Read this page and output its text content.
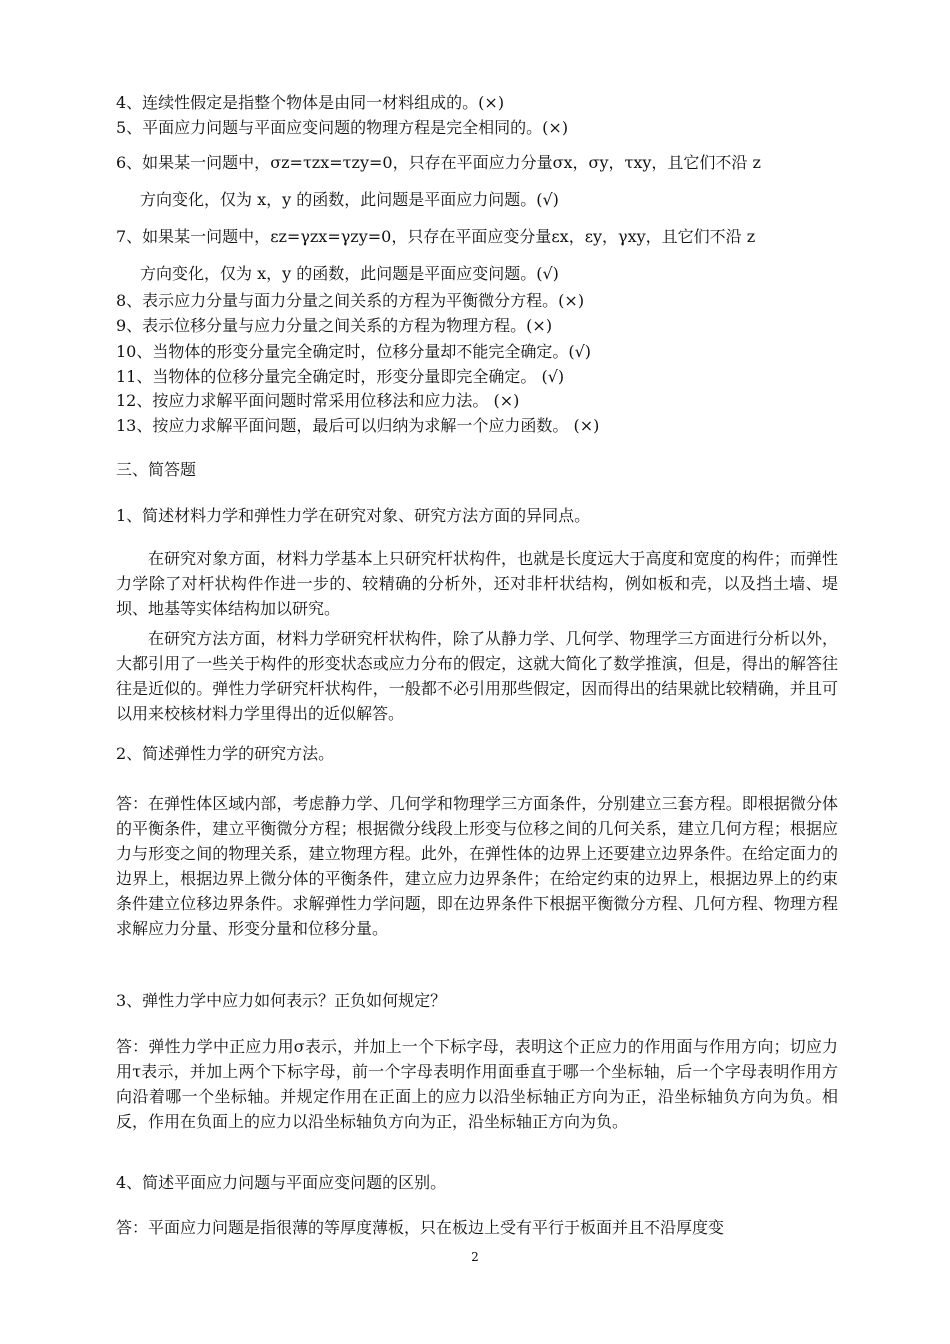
4、连续性假定是指整个物体是由同一材料组成的。(×)
5、平面应力问题与平面应变问题的物理方程是完全相同的。(×)
6、如果某一问题中，σz=τzx=τzy=0，只存在平面应力分量σx，σy，τxy，且它们不沿 z
方向变化，仅为 x，y 的函数，此问题是平面应力问题。(√)
7、如果某一问题中，εz=γzx=γzy=0，只存在平面应变分量εx，εy，γxy，且它们不沿 z
方向变化，仅为 x，y 的函数，此问题是平面应变问题。(√)
8、表示应力分量与面力分量之间关系的方程为平衡微分方程。(×)
9、表示位移分量与应力分量之间关系的方程为物理方程。(×)
10、当物体的形变分量完全确定时，位移分量却不能完全确定。(√)
11、当物体的位移分量完全确定时，形变分量即完全确定。 (√)
12、按应力求解平面问题时常采用位移法和应力法。 (×)
13、按应力求解平面问题，最后可以归纳为求解一个应力函数。 (×)
三、简答题
1、简述材料力学和弹性力学在研究对象、研究方法方面的异同点。
在研究对象方面，材料力学基本上只研究杆状构件，也就是长度远大于高度和宽度的构件；而弹性力学除了对杆状构件作进一步的、较精确的分析外，还对非杆状结构，例如板和壳，以及挡土墙、堤坝、地基等实体结构加以研究。
在研究方法方面，材料力学研究杆状构件，除了从静力学、几何学、物理学三方面进行分析以外，大都引用了一些关于构件的形变状态或应力分布的假定，这就大简化了数学推演，但是，得出的解答往往是近似的。弹性力学研究杆状构件，一般都不必引用那些假定，因而得出的结果就比较精确，并且可以用来校核材料力学里得出的近似解答。
2、简述弹性力学的研究方法。
答：在弹性体区域内部，考虑静力学、几何学和物理学三方面条件，分别建立三套方程。即根据微分体的平衡条件，建立平衡微分方程；根据微分线段上形变与位移之间的几何关系，建立几何方程；根据应力与形变之间的物理关系，建立物理方程。此外，在弹性体的边界上还要建立边界条件。在给定面力的边界上，根据边界上微分体的平衡条件，建立应力边界条件；在给定约束的边界上，根据边界上的约束条件建立位移边界条件。求解弹性力学问题，即在边界条件下根据平衡微分方程、几何方程、物理方程求解应力分量、形变分量和位移分量。
3、弹性力学中应力如何表示？正负如何规定？
答：弹性力学中正应力用σ表示，并加上一个下标字母，表明这个正应力的作用面与作用方向；切应力用τ表示，并加上两个下标字母，前一个字母表明作用面垂直于哪一个坐标轴，后一个字母表明作用方向沿着哪一个坐标轴。并规定作用在正面上的应力以沿坐标轴正方向为正，沿坐标轴负方向为负。相反，作用在负面上的应力以沿坐标轴负方向为正，沿坐标轴正方向为负。
4、简述平面应力问题与平面应变问题的区别。
答：平面应力问题是指很薄的等厚度薄板，只在板边上受有平行于板面并且不沿厚度变
2
